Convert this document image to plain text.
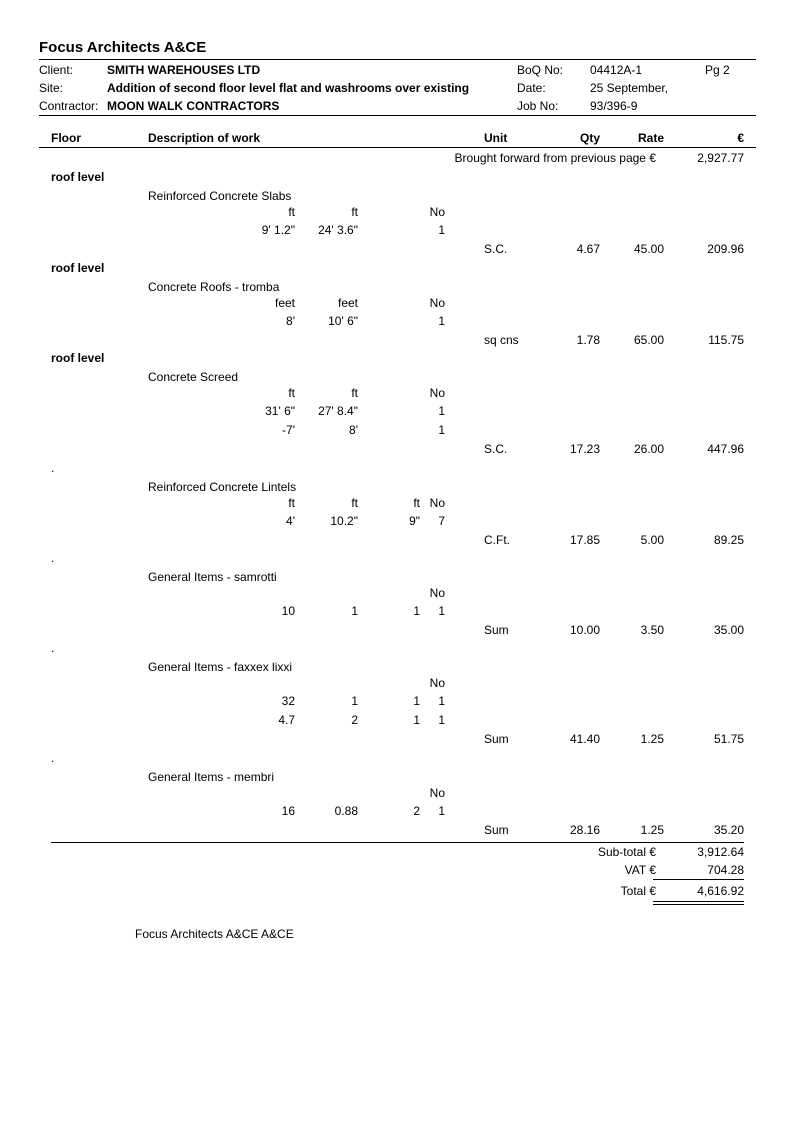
Focus Architects A&CE
Client:	SMITH WAREHOUSES LTD
Site:	Addition of second floor level flat and washrooms over existing
Contractor: MOON WALK CONTRACTORS
BoQ No: 04412A-1	Pg 2
Date:	25 September,
Job No:	93/396-9
Floor	Description of work	Unit	Qty	Rate	€
Brought forward from previous page €	2,927.77
roof level
Reinforced Concrete Slabs
ft	ft	No
9' 1.2"	24' 3.6"	1
S.C.	4.67	45.00	209.96
roof level
Concrete Roofs - tromba
feet	feet	No
8'	10' 6"	1
sq cns	1.78	65.00	115.75
roof level
Concrete Screed
ft	ft	No
31' 6"	27' 8.4"	1
-7'	8'	1
S.C.	17.23	26.00	447.96
.
Reinforced Concrete Lintels
ft	ft	ft No
4'	10.2"	9"	7
C.Ft.	17.85	5.00	89.25
.
General Items - samrotti
No
10	1	1	1
Sum	10.00	3.50	35.00
.
General Items - faxxex lixxi
No
32	1	1	1
4.7	2	1	1
Sum	41.40	1.25	51.75
.
General Items - membri
No
16	0.88	2	1
Sum	28.16	1.25	35.20
Sub-total €	3,912.64
VAT €	704.28
Total €	4,616.92
Focus Architects A&CE A&CE
